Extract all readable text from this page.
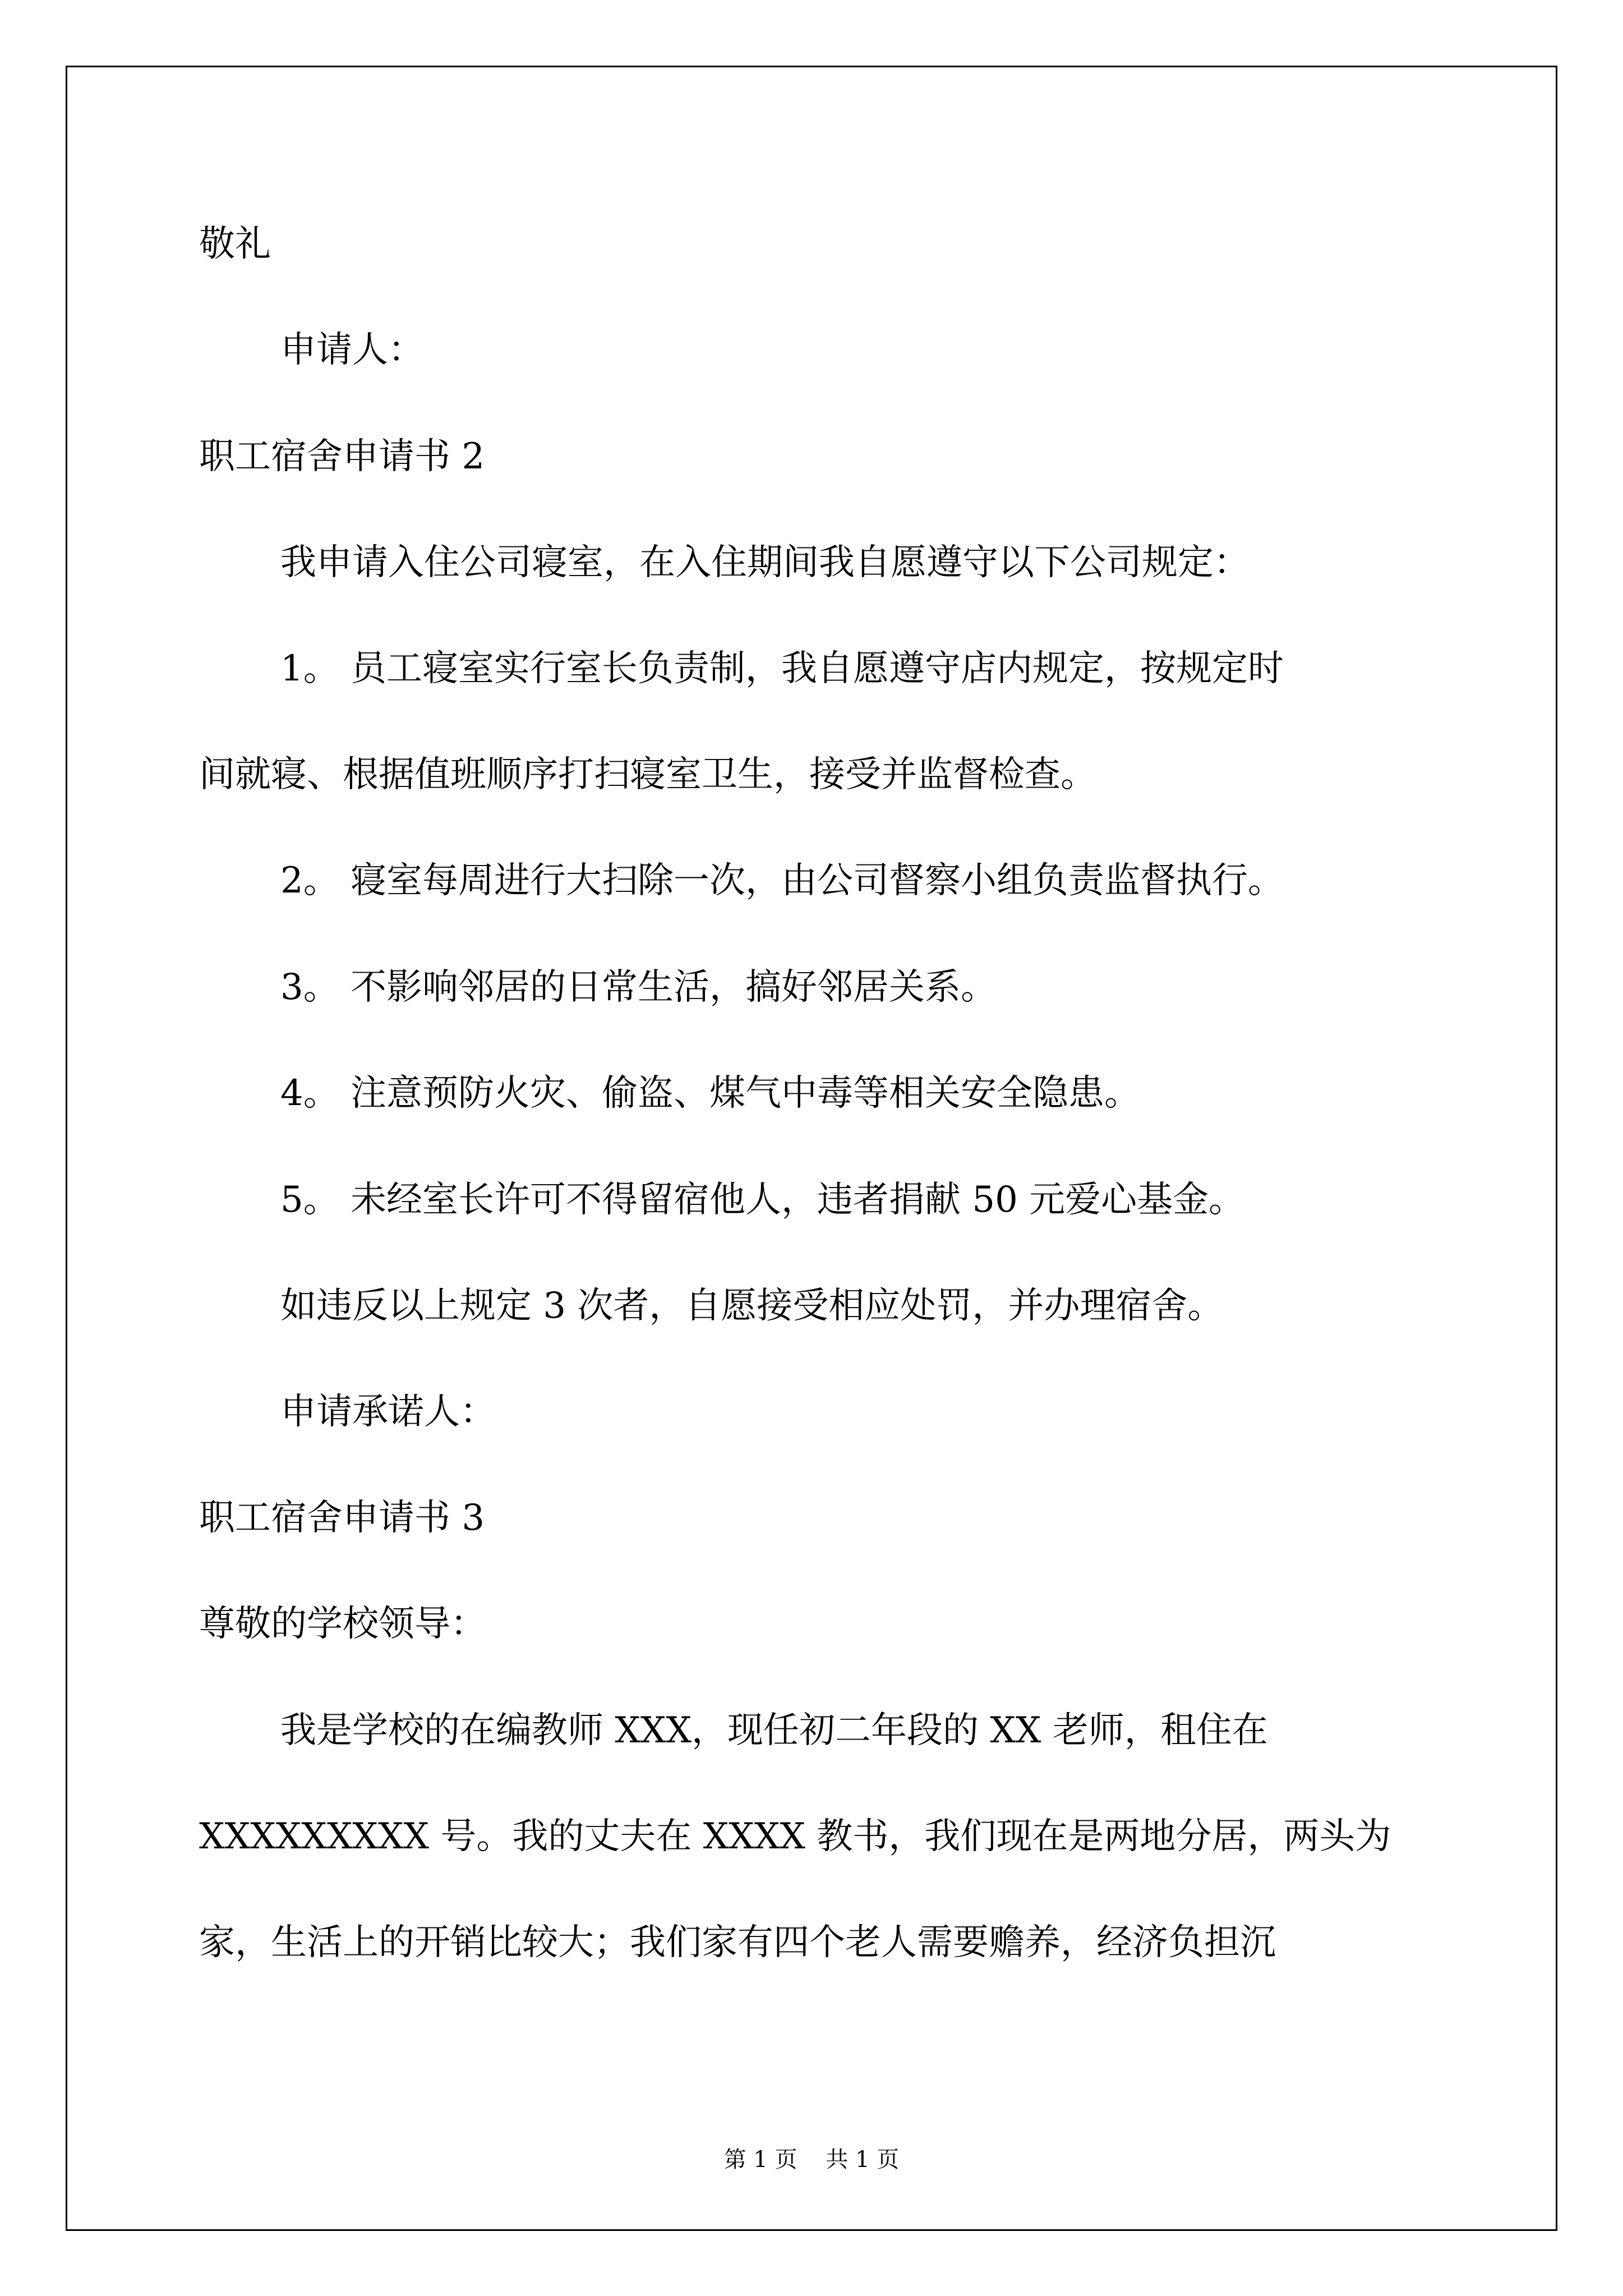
敬礼

申请人：

职工宿舍申请书 2

我申请入住公司寝室，在入住期间我自愿遵守以下公司规定：

1。 员工寝室实行室长负责制，我自愿遵守店内规定，按规定时

间就寝、根据值班顺序打扫寝室卫生，接受并监督检查。

2。 寝室每周进行大扫除一次，由公司督察小组负责监督执行。

3。 不影响邻居的日常生活，搞好邻居关系。

4。 注意预防火灾、偷盗、煤气中毒等相关安全隐患。

5。 未经室长许可不得留宿他人，违者捐献 50 元爱心基金。

如违反以上规定 3 次者，自愿接受相应处罚，并办理宿舍。

申请承诺人：

职工宿舍申请书 3

尊敬的学校领导：

我是学校的在编教师 XXX，现任初二年段的 XX 老师，租住在

XXXXXXXXX 号。我的丈夫在 XXXX 教书，我们现在是两地分居，两头为

家，生活上的开销比较大；我们家有四个老人需要赡养，经济负担沉

第 1 页    共 1 页
